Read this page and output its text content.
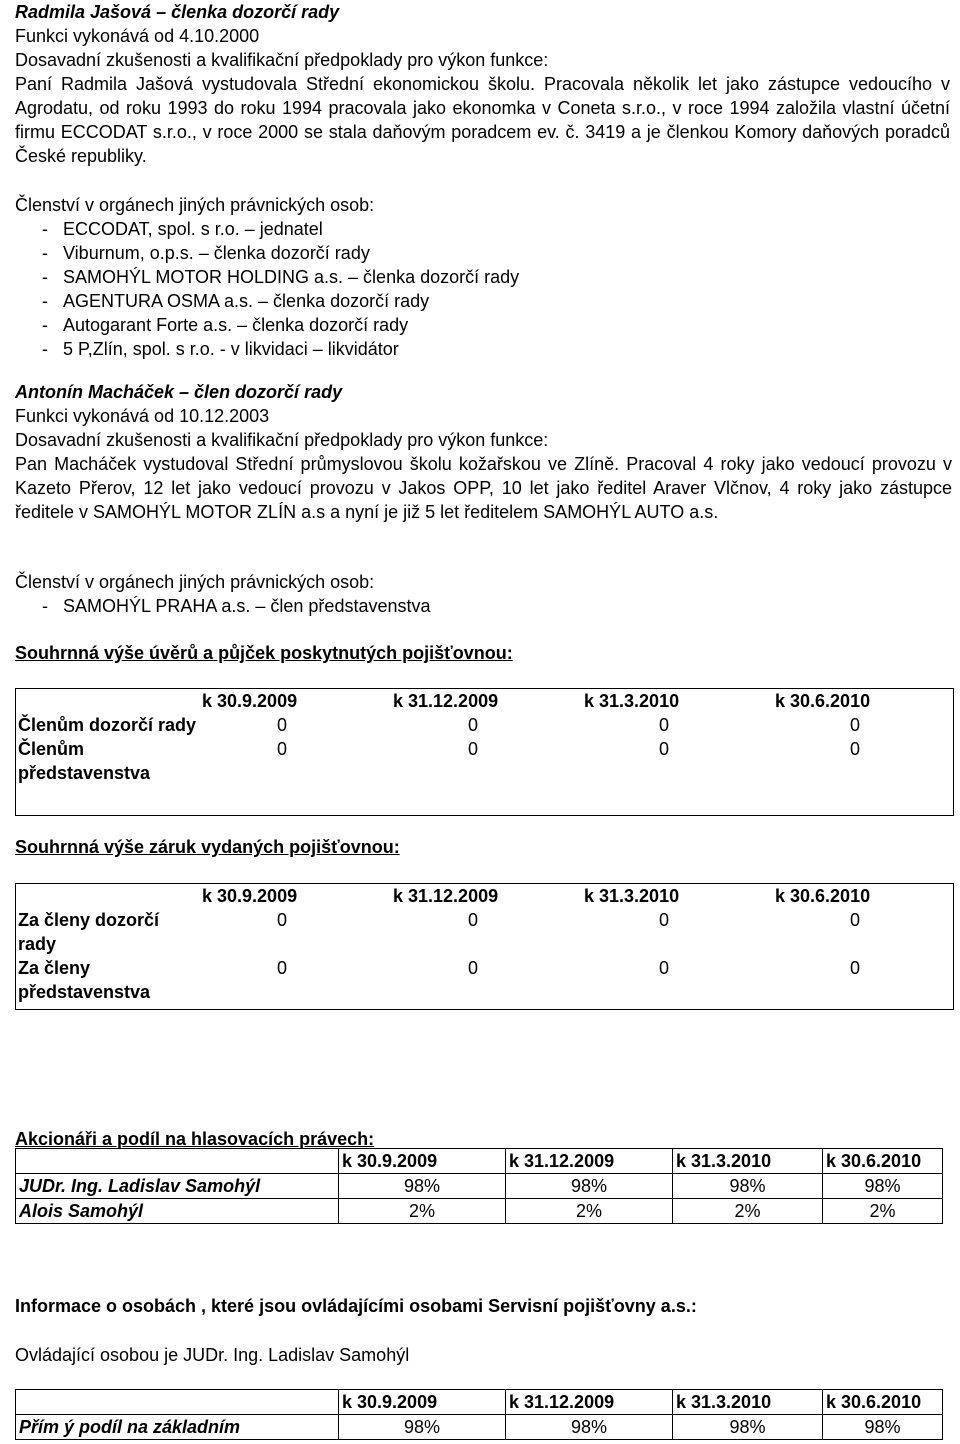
Radmila Jašová – členka dozorčí rady

Funkci vykonává od 4.10.2000

Dosavadní zkušenosti a kvalifikační předpoklady pro výkon funkce:

Paní Radmila Jašová vystudovala Střední ekonomickou školu. Pracovala několik let jako zástupce vedoucího v Agrodatu, od roku 1993 do roku 1994 pracovala jako ekonomka v Coneta s.r.o., v roce 1994 založila vlastní účetní firmu ECCODAT s.r.o., v roce 2000 se stala daňovým poradcem ev. č. 3419 a je členkou Komory daňových poradců České republiky.

Členství v orgánech jiných právnických osob:

-ECCODAT, spol. s r.o. – jednatel
-Viburnum, o.p.s. – členka dozorčí rady
-SAMOHÝL MOTOR HOLDING a.s. – členka dozorčí rady
-AGENTURA OSMA a.s. – členka dozorčí rady
-Autogarant Forte a.s. – členka dozorčí rady
-5 P,Zlín, spol. s r.o. - v likvidaci – likvidátor

Antonín Macháček – člen dozorčí rady

Funkci vykonává od 10.12.2003

Dosavadní zkušenosti a kvalifikační předpoklady pro výkon funkce:

Pan Macháček vystudoval Střední průmyslovou školu kožařskou ve Zlíně. Pracoval 4 roky jako vedoucí provozu v Kazeto Přerov, 12 let jako vedoucí provozu v Jakos OPP, 10 let jako ředitel Araver Vlčnov, 4 roky jako zástupce ředitele v SAMOHÝL MOTOR ZLÍN a.s a nyní je již 5 let ředitelem SAMOHÝL AUTO a.s.

Členství v orgánech jiných právnických osob:

-SAMOHÝL PRAHA a.s. – člen představenstva

Souhrnná výše úvěrů a půjček poskytnutých pojišťovnou:

	k 30.9.2009	k 31.12.2009	k 31.3.2010	k 30.6.2010
Členům dozorčí rady	0	0	0	0
Členům představenstva	0	0	0	0

Souhrnná výše záruk vydaných pojišťovnou:

	k 30.9.2009	k 31.12.2009	k 31.3.2010	k 30.6.2010
Za členy dozorčí rady	0	0	0	0
Za členy představenstva	0	0	0	0

Akcionáři a podíl na hlasovacích právech:

	k 30.9.2009	k 31.12.2009	k 31.3.2010	k 30.6.2010
JUDr. Ing. Ladislav Samohýl	98%	98%	98%	98%
Alois Samohýl	2%	2%	2%	2%

Informace o osobách , které jsou ovládajícími osobami Servisní pojišťovny a.s.:

Ovládající osobou je JUDr. Ing. Ladislav Samohýl

	k 30.9.2009	k 31.12.2009	k 31.3.2010	k 30.6.2010
Přím ý podíl na základním	98%	98%	98%	98%
